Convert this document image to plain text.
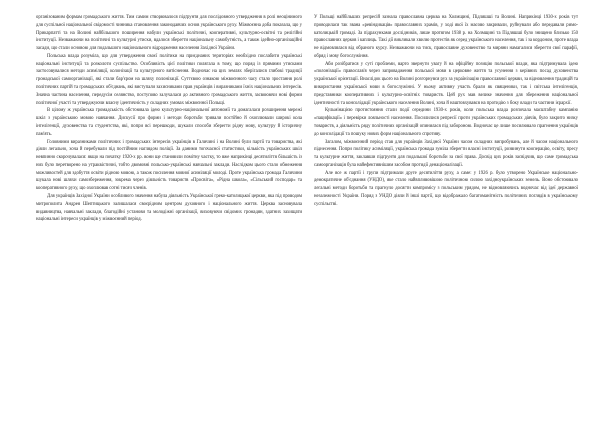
організованим формам громадського життя. Тим самим створювалося підґрунтя для послідовного утвердження в ролі неоцінимого для суспільної національної свідомості чинника становлення законодавчих основ українського руху. Міжвоєнна доба показала, що у Прикарпатті та на Волині найбільшого поширення набули українські політичні, кооперативні, культурно-освітні та релігійні інституції. Незважаючи на політичні та культурні утиски, вдалося зберегти національну самобутність, а також ідейно-організаційні засади, що стали основою для подальшого національного відродження населення Західної України.

Польська влада розуміла, що для утвердження своєї політики на приєднаних територіях необхідно послабити українські національні інституції та розколоти суспільство. Особливість цієї політики полягала в тому, що поряд із прямими утисками застосовувалися методи асиміляції, колонізації та культурного витіснення. Водночас на цих землях зберігалися глибокі традиції громадської самоорганізації, які стали бар'єром на шляху полонізації. Суттєвою ознакою міжвоєнного часу стало зростання ролі політичних партій та громадських об'єднань, які виступали захисниками прав українців і виразниками їхніх національних інтересів. Значна частина населення, передусім селянство, поступово залучалася до активного громадського життя, засвоюючи нові форми політичної участі та утверджуючи власну ідентичність у складних умовах міжвоєнної Польщі.

В цілому ж українська громадськість обстоювала ідею культурно-національної автономії та домагалася розширення мережі шкіл з українською мовою навчання. Дискусії про форми і методи боротьби тривали постійно й охоплювали широкі кола інтелігенції, духовенства та студентства, які, попри всі перешкоди, шукали способи зберегти рідну мову, культуру й історичну пам'ять.

Головними виразниками політичних і громадських інтересів українців в Галичині і на Волині були партії та товариства, які діяли легально, хоча й перебували під постійним наглядом поліції. За даними тогочасної статистики, кількість українських шкіл невпинно скорочувалася: якщо на початку 1920-х рр. вони ще становили помітну частку, то вже наприкінці десятиліття більшість із них було перетворено на утраквістичні, тобто двомовні польсько-українські навчальні заклади. Наслідком цього стало обмеження можливостей для здобуття освіти рідною мовою, а також посилення мовної асиміляції молоді. Проте українська громада Галичини шукала нові шляхи самозбереження, зокрема через діяльність товариств «Просвіта», «Рідна школа», «Сільський господар» та кооперативного руху, що охоплював сотні тисяч членів.

Для українців Західної України особливого значення набула діяльність Української греко-католицької церкви, яка під проводом митрополита Андрея Шептицького залишалася своєрідним центром духовного і національного життя. Церква засновувала видавництва, навчальні заклади, благодійні установи та молодіжні організації, виховуючи свідомих громадян, здатних захищати національні інтереси українців у міжвоєнний період.

У Польщі найбільших репресій зазнала православна церква на Холмщині, Підляшші та Волині. Наприкінці 1930-х років тут проводилася так звана «ревіндикація» православних храмів, у ході якої їх масово закривали, руйнували або передавали римо-католицькій громаді. За підрахунками дослідників, лише протягом 1938 р. на Холмщині та Підляшші було знищено близько 150 православних церков і каплиць. Такі дії викликали хвилю протестів як серед українського населення, так і за кордоном, проте влада не відмовлялася від обраного курсу. Незважаючи на тиск, православне духовенство та миряни намагалися зберегти свої парафії, обряд і мову богослужіння.

Аби розібратися у суті проблеми, варто звернути увагу й на офіційну позицію польської влади, яка підтримувала ідею «полонізації» православ'я через запровадження польської мови в церковне життя та усунення з керівних посад духовенства української орієнтації. Внаслідок цього на Волині розгорнувся рух за українізацію православної церкви, за відновлення традицій та використання української мови в богослужінні. У ньому активну участь брали як священики, так і світська інтелігенція, представники кооперативних і культурно-освітніх товариств. Цей рух мав велике значення для збереження національної ідентичності та консолідації українського населення Волині, хоча й наштовхувався на протидію з боку влади та частини ієрархії.

Кульмінацією протистояння стали події середини 1930-х років, коли польська влада розпочала масштабну кампанію «пацифікації» і перевірки лояльності населення. Посилилися репресії проти українських громадських діячів, було закрито низку товариств, а діяльність ряду політичних організацій опинилася під забороною. Водночас це лише посилювало прагнення українців до консолідації та пошуку нових форм національного спротиву.

Загалом, міжвоєнний період став для українців Західної України часом складних випробувань, але й часом національного піднесення. Попри політику асиміляції, українська громада зуміла зберегти власні інституції, розвинути кооперацію, освіту, пресу та культурне життя, заклавши підґрунтя для подальшої боротьби за свої права. Досвід цих років засвідчив, що саме громадська самоорганізація була найефективнішим засобом протидії денаціоналізації.

Але все ж партії і групи підтримали друге десятиліття руху, а саме: у 1926 р. було утворено Українське національно-демократичне об'єднання (УНДО), яке стало найвпливовішою політичною силою західноукраїнських земель. Воно обстоювало легальні методи боротьби та прагнуло досягти компромісу з польським урядом, не відмовляючись водночас від ідеї державної незалежності України. Поряд з УНДО діяли й інші партії, що відображало багатоманітність політичних поглядів в українському суспільстві.
